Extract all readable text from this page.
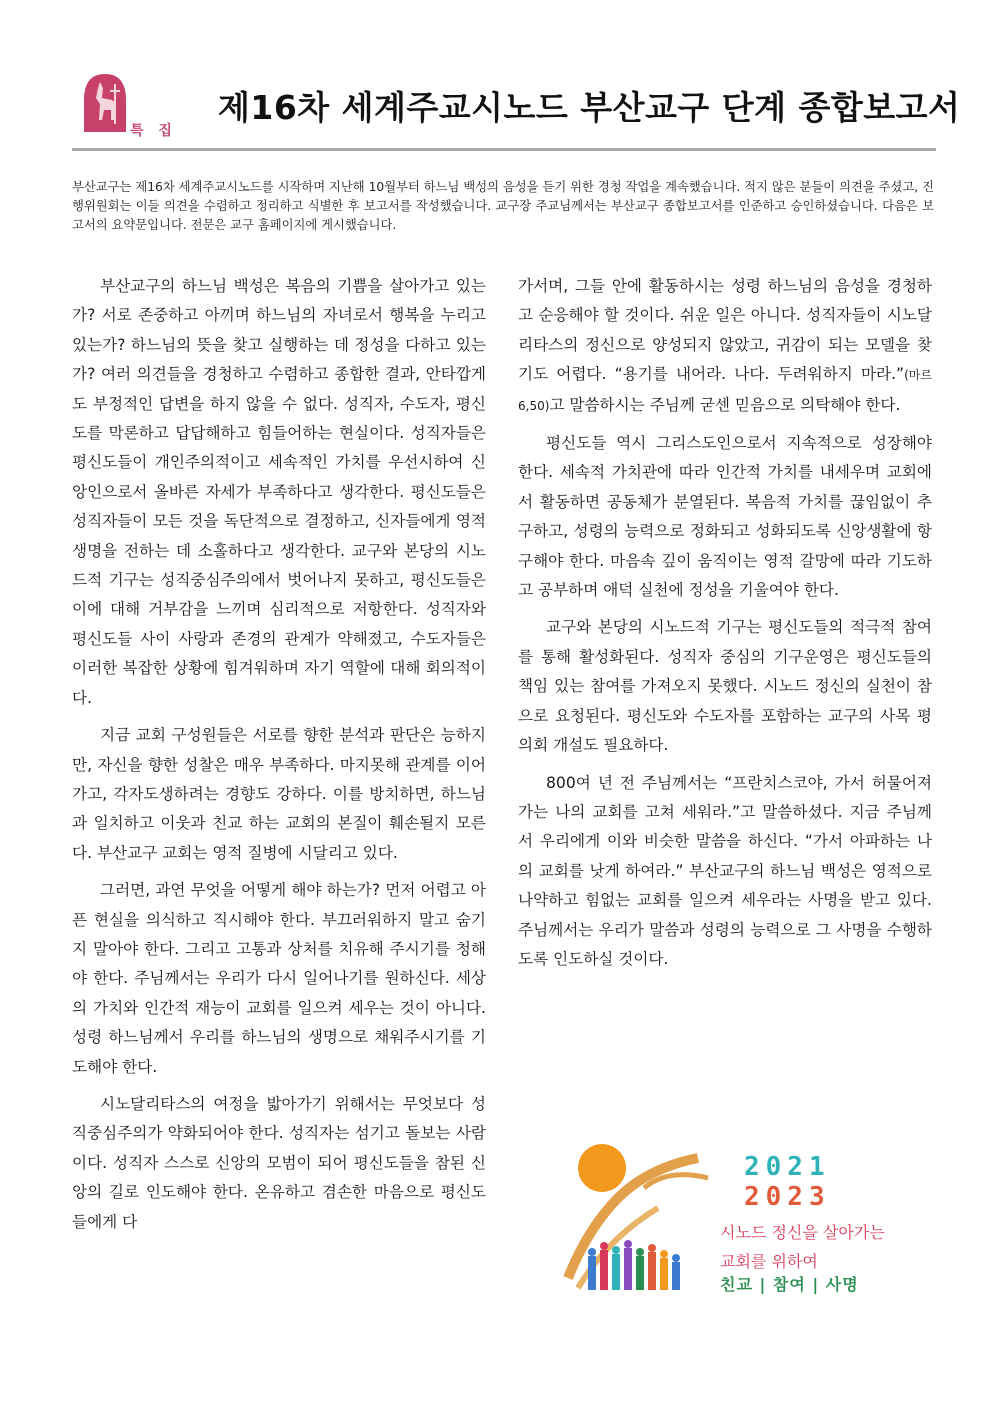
특 집
제16차 세계주교시노드 부산교구 단계 종합보고서
부산교구는 제16차 세계주교시노드를 시작하며 지난해 10월부터 하느님 백성의 음성을 듣기 위한 경청 작업을 계속했습니다. 적지 않은 분들이 의견을 주셨고, 진행위원회는 이들 의견을 수렴하고 정리하고 식별한 후 보고서를 작성했습니다. 교구장 주교님께서는 부산교구 종합보고서를 인준하고 승인하셨습니다. 다음은 보고서의 요약문입니다. 전문은 교구 홈페이지에 게시했습니다.

부산교구의 하느님 백성은 복음의 기쁨을 살아가고 있는가? 서로 존중하고 아끼며 하느님의 자녀로서 행복을 누리고 있는가? 하느님의 뜻을 찾고 실행하는 데 정성을 다하고 있는가? 여러 의견들을 경청하고 수렴하고 종합한 결과, 안타깝게도 부정적인 답변을 하지 않을 수 없다. 성직자, 수도자, 평신도를 막론하고 답답해하고 힘들어하는 현실이다. 성직자들은 평신도들이 개인주의적이고 세속적인 가치를 우선시하여 신앙인으로서 올바른 자세가 부족하다고 생각한다. 평신도들은 성직자들이 모든 것을 독단적으로 결정하고, 신자들에게 영적 생명을 전하는 데 소홀하다고 생각한다. 교구와 본당의 시노드적 기구는 성직중심주의에서 벗어나지 못하고, 평신도들은 이에 대해 거부감을 느끼며 심리적으로 저항한다. 성직자와 평신도들 사이 사랑과 존경의 관계가 약해졌고, 수도자들은 이러한 복잡한 상황에 힘겨워하며 자기 역할에 대해 회의적이다.

지금 교회 구성원들은 서로를 향한 분석과 판단은 능하지만, 자신을 향한 성찰은 매우 부족하다. 마지못해 관계를 이어가고, 각자도생하려는 경향도 강하다. 이를 방치하면, 하느님과 일치하고 이웃과 친교 하는 교회의 본질이 훼손될지 모른다. 부산교구 교회는 영적 질병에 시달리고 있다.

그러면, 과연 무엇을 어떻게 해야 하는가? 먼저 어렵고 아픈 현실을 의식하고 직시해야 한다. 부끄러워하지 말고 숨기지 말아야 한다. 그리고 고통과 상처를 치유해 주시기를 청해야 한다. 주님께서는 우리가 다시 일어나기를 원하신다. 세상의 가치와 인간적 재능이 교회를 일으켜 세우는 것이 아니다. 성령 하느님께서 우리를 하느님의 생명으로 채워주시기를 기도해야 한다.

시노달리타스의 여정을 밟아가기 위해서는 무엇보다 성직중심주의가 약화되어야 한다. 성직자는 섬기고 돌보는 사람이다. 성직자 스스로 신앙의 모범이 되어 평신도들을 참된 신앙의 길로 인도해야 한다. 온유하고 겸손한 마음으로 평신도들에게 다

가서며, 그들 안에 활동하시는 성령 하느님의 음성을 경청하고 순응해야 할 것이다. 쉬운 일은 아니다. 성직자들이 시노달리타스의 정신으로 양성되지 않았고, 귀감이 되는 모델을 찾기도 어렵다. “용기를 내어라. 나다. 두려워하지 마라.”(마르 6,50)고 말씀하시는 주님께 굳센 믿음으로 의탁해야 한다.

평신도들 역시 그리스도인으로서 지속적으로 성장해야 한다. 세속적 가치관에 따라 인간적 가치를 내세우며 교회에서 활동하면 공동체가 분열된다. 복음적 가치를 끊임없이 추구하고, 성령의 능력으로 정화되고 성화되도록 신앙생활에 항구해야 한다. 마음속 깊이 움직이는 영적 갈망에 따라 기도하고 공부하며 애덕 실천에 정성을 기울여야 한다.

교구와 본당의 시노드적 기구는 평신도들의 적극적 참여를 통해 활성화된다. 성직자 중심의 기구운영은 평신도들의 책임 있는 참여를 가져오지 못했다. 시노드 정신의 실천이 참으로 요청된다. 평신도와 수도자를 포함하는 교구의 사목 평의회 개설도 필요하다.

800여 년 전 주님께서는 “프란치스코야, 가서 허물어져 가는 나의 교회를 고쳐 세워라.”고 말씀하셨다. 지금 주님께서 우리에게 이와 비슷한 말씀을 하신다. “가서 아파하는 나의 교회를 낫게 하여라.” 부산교구의 하느님 백성은 영적으로 나약하고 힘없는 교회를 일으켜 세우라는 사명을 받고 있다. 주님께서는 우리가 말씀과 성령의 능력으로 그 사명을 수행하도록 인도하실 것이다.

2021
2023
시노드 정신을 살아가는
교회를 위하여
친교 | 참여 | 사명
